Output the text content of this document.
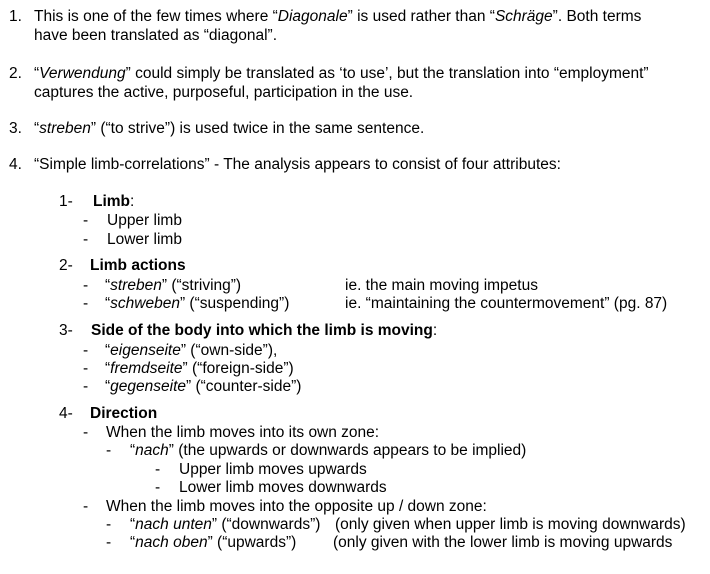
1. This is one of the few times where “Diagonale” is used rather than “Schräge”. Both terms
have been translated as “diagonal”.
2. “Verwendung” could simply be translated as ‘to use’, but the translation into “employment”
captures the active, purposeful, participation in the use.
3. “streben” (“to strive”) is used twice in the same sentence.
4. “Simple limb-correlations” - The analysis appears to consist of four attributes:
1- Limb:
- Upper limb
- Lower limb
2- Limb actions
- “streben” (“striving”)	ie. the main moving impetus
- “schweben” (“suspending”)	ie. “maintaining the countermovement” (pg. 87)
3- Side of the body into which the limb is moving:
- “eigenseite” (“own-side”),
- “fremdseite” (“foreign-side”)
- “gegenseite” (“counter-side”)
4- Direction
- When the limb moves into its own zone:
- “nach” (the upwards or downwards appears to be implied)
- Upper limb moves upwards
- Lower limb moves downwards
- When the limb moves into the opposite up / down zone:
- “nach unten” (“downwards”) (only given when upper limb is moving downwards)
- “nach oben” (“upwards”) (only given with the lower limb is moving upwards
